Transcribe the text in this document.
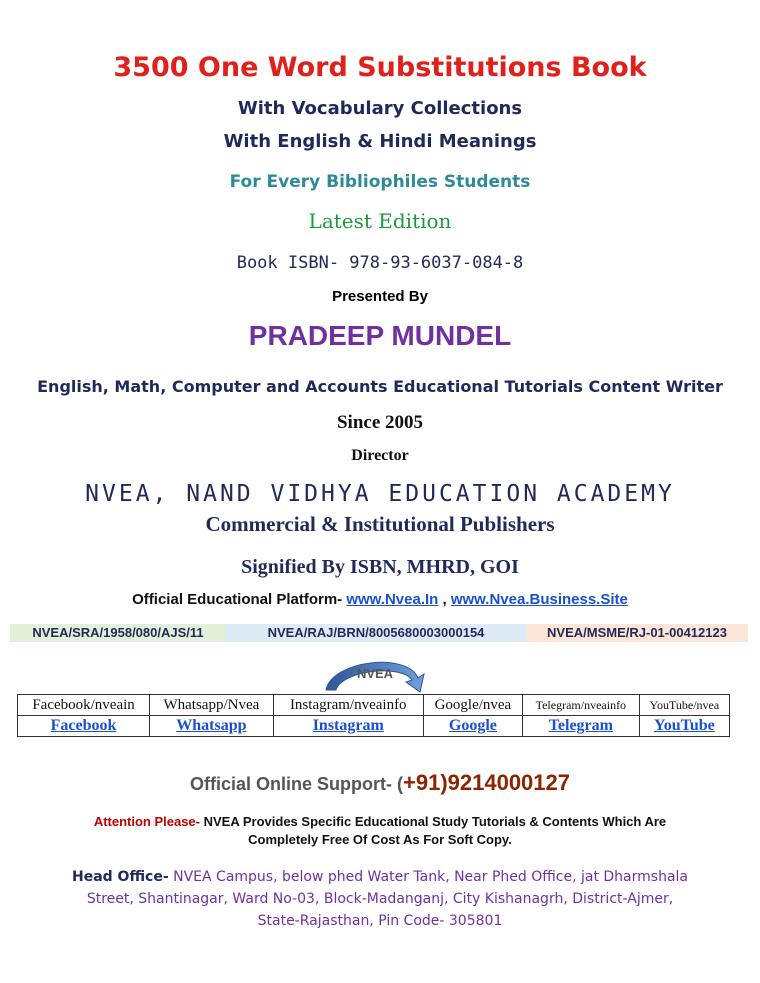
3500 One Word Substitutions Book
With Vocabulary Collections
With English & Hindi Meanings
For Every Bibliophiles Students
Latest Edition
Book ISBN- 978-93-6037-084-8
Presented By
PRADEEP MUNDEL
English, Math, Computer and Accounts Educational Tutorials Content Writer
Since 2005
Director
NVEA, NAND VIDHYA EDUCATION ACADEMY
Commercial & Institutional Publishers
Signified By ISBN, MHRD, GOI
Official Educational Platform- www.Nvea.In , www.Nvea.Business.Site
NVEA/SRA/1958/080/AJS/11	NVEA/RAJ/BRN/8005680003000154	NVEA/MSME/RJ-01-00412123
NVEA
Facebook/nveain	Whatsapp/Nvea	Instagram/nveainfo	Google/nvea	Telegram/nveainfo	YouTube/nvea
Facebook	Whatsapp	Instagram	Google	Telegram	YouTube
Official Online Support- (+91)9214000127
Attention Please- NVEA Provides Specific Educational Study Tutorials & Contents Which Are
Completely Free Of Cost As For Soft Copy.
Head Office- NVEA Campus, below phed Water Tank, Near Phed Office, jat Dharmshala
Street, Shantinagar, Ward No-03, Block-Madanganj, City Kishanagrh, District-Ajmer,
State-Rajasthan, Pin Code- 305801
